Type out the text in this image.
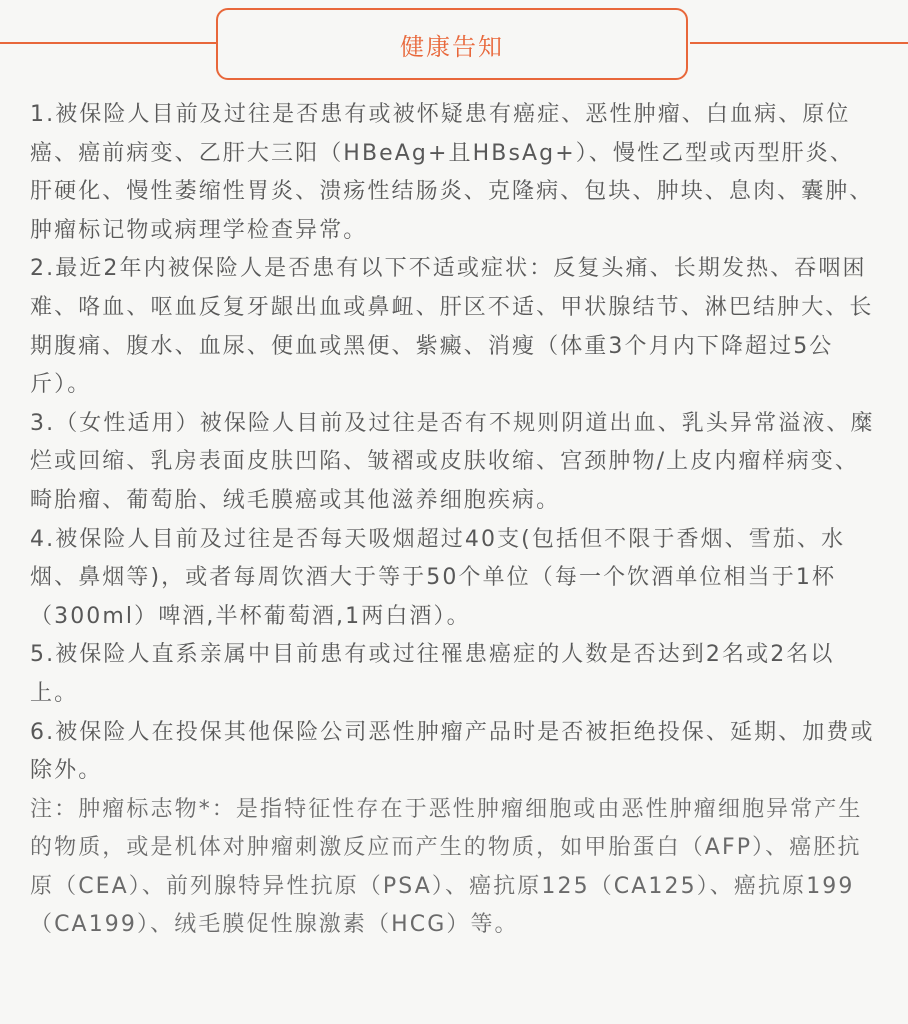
健康告知

1.被保险人目前及过往是否患有或被怀疑患有癌症、恶性肿瘤、白血病、原位癌、癌前病变、乙肝大三阳（HBeAg+且HBsAg+）、慢性乙型或丙型肝炎、肝硬化、慢性萎缩性胃炎、溃疡性结肠炎、克隆病、包块、肿块、息肉、囊肿、肿瘤标记物或病理学检查异常。

2.最近2年内被保险人是否患有以下不适或症状：反复头痛、长期发热、吞咽困难、咯血、呕血反复牙龈出血或鼻衄、肝区不适、甲状腺结节、淋巴结肿大、长期腹痛、腹水、血尿、便血或黑便、紫癜、消瘦（体重3个月内下降超过5公斤）。

3.（女性适用）被保险人目前及过往是否有不规则阴道出血、乳头异常溢液、糜烂或回缩、乳房表面皮肤凹陷、皱褶或皮肤收缩、宫颈肿物/上皮内瘤样病变、畸胎瘤、葡萄胎、绒毛膜癌或其他滋养细胞疾病。

4.被保险人目前及过往是否每天吸烟超过40支(包括但不限于香烟、雪茄、水烟、鼻烟等)，或者每周饮酒大于等于50个单位（每一个饮酒单位相当于1杯（300ml）啤酒,半杯葡萄酒,1两白酒）。

5.被保险人直系亲属中目前患有或过往罹患癌症的人数是否达到2名或2名以上。

6.被保险人在投保其他保险公司恶性肿瘤产品时是否被拒绝投保、延期、加费或除外。

注：肿瘤标志物*：是指特征性存在于恶性肿瘤细胞或由恶性肿瘤细胞异常产生的物质，或是机体对肿瘤刺激反应而产生的物质，如甲胎蛋白（AFP）、癌胚抗原（CEA）、前列腺特异性抗原（PSA）、癌抗原125（CA125）、癌抗原199（CA199）、绒毛膜促性腺激素（HCG）等。
